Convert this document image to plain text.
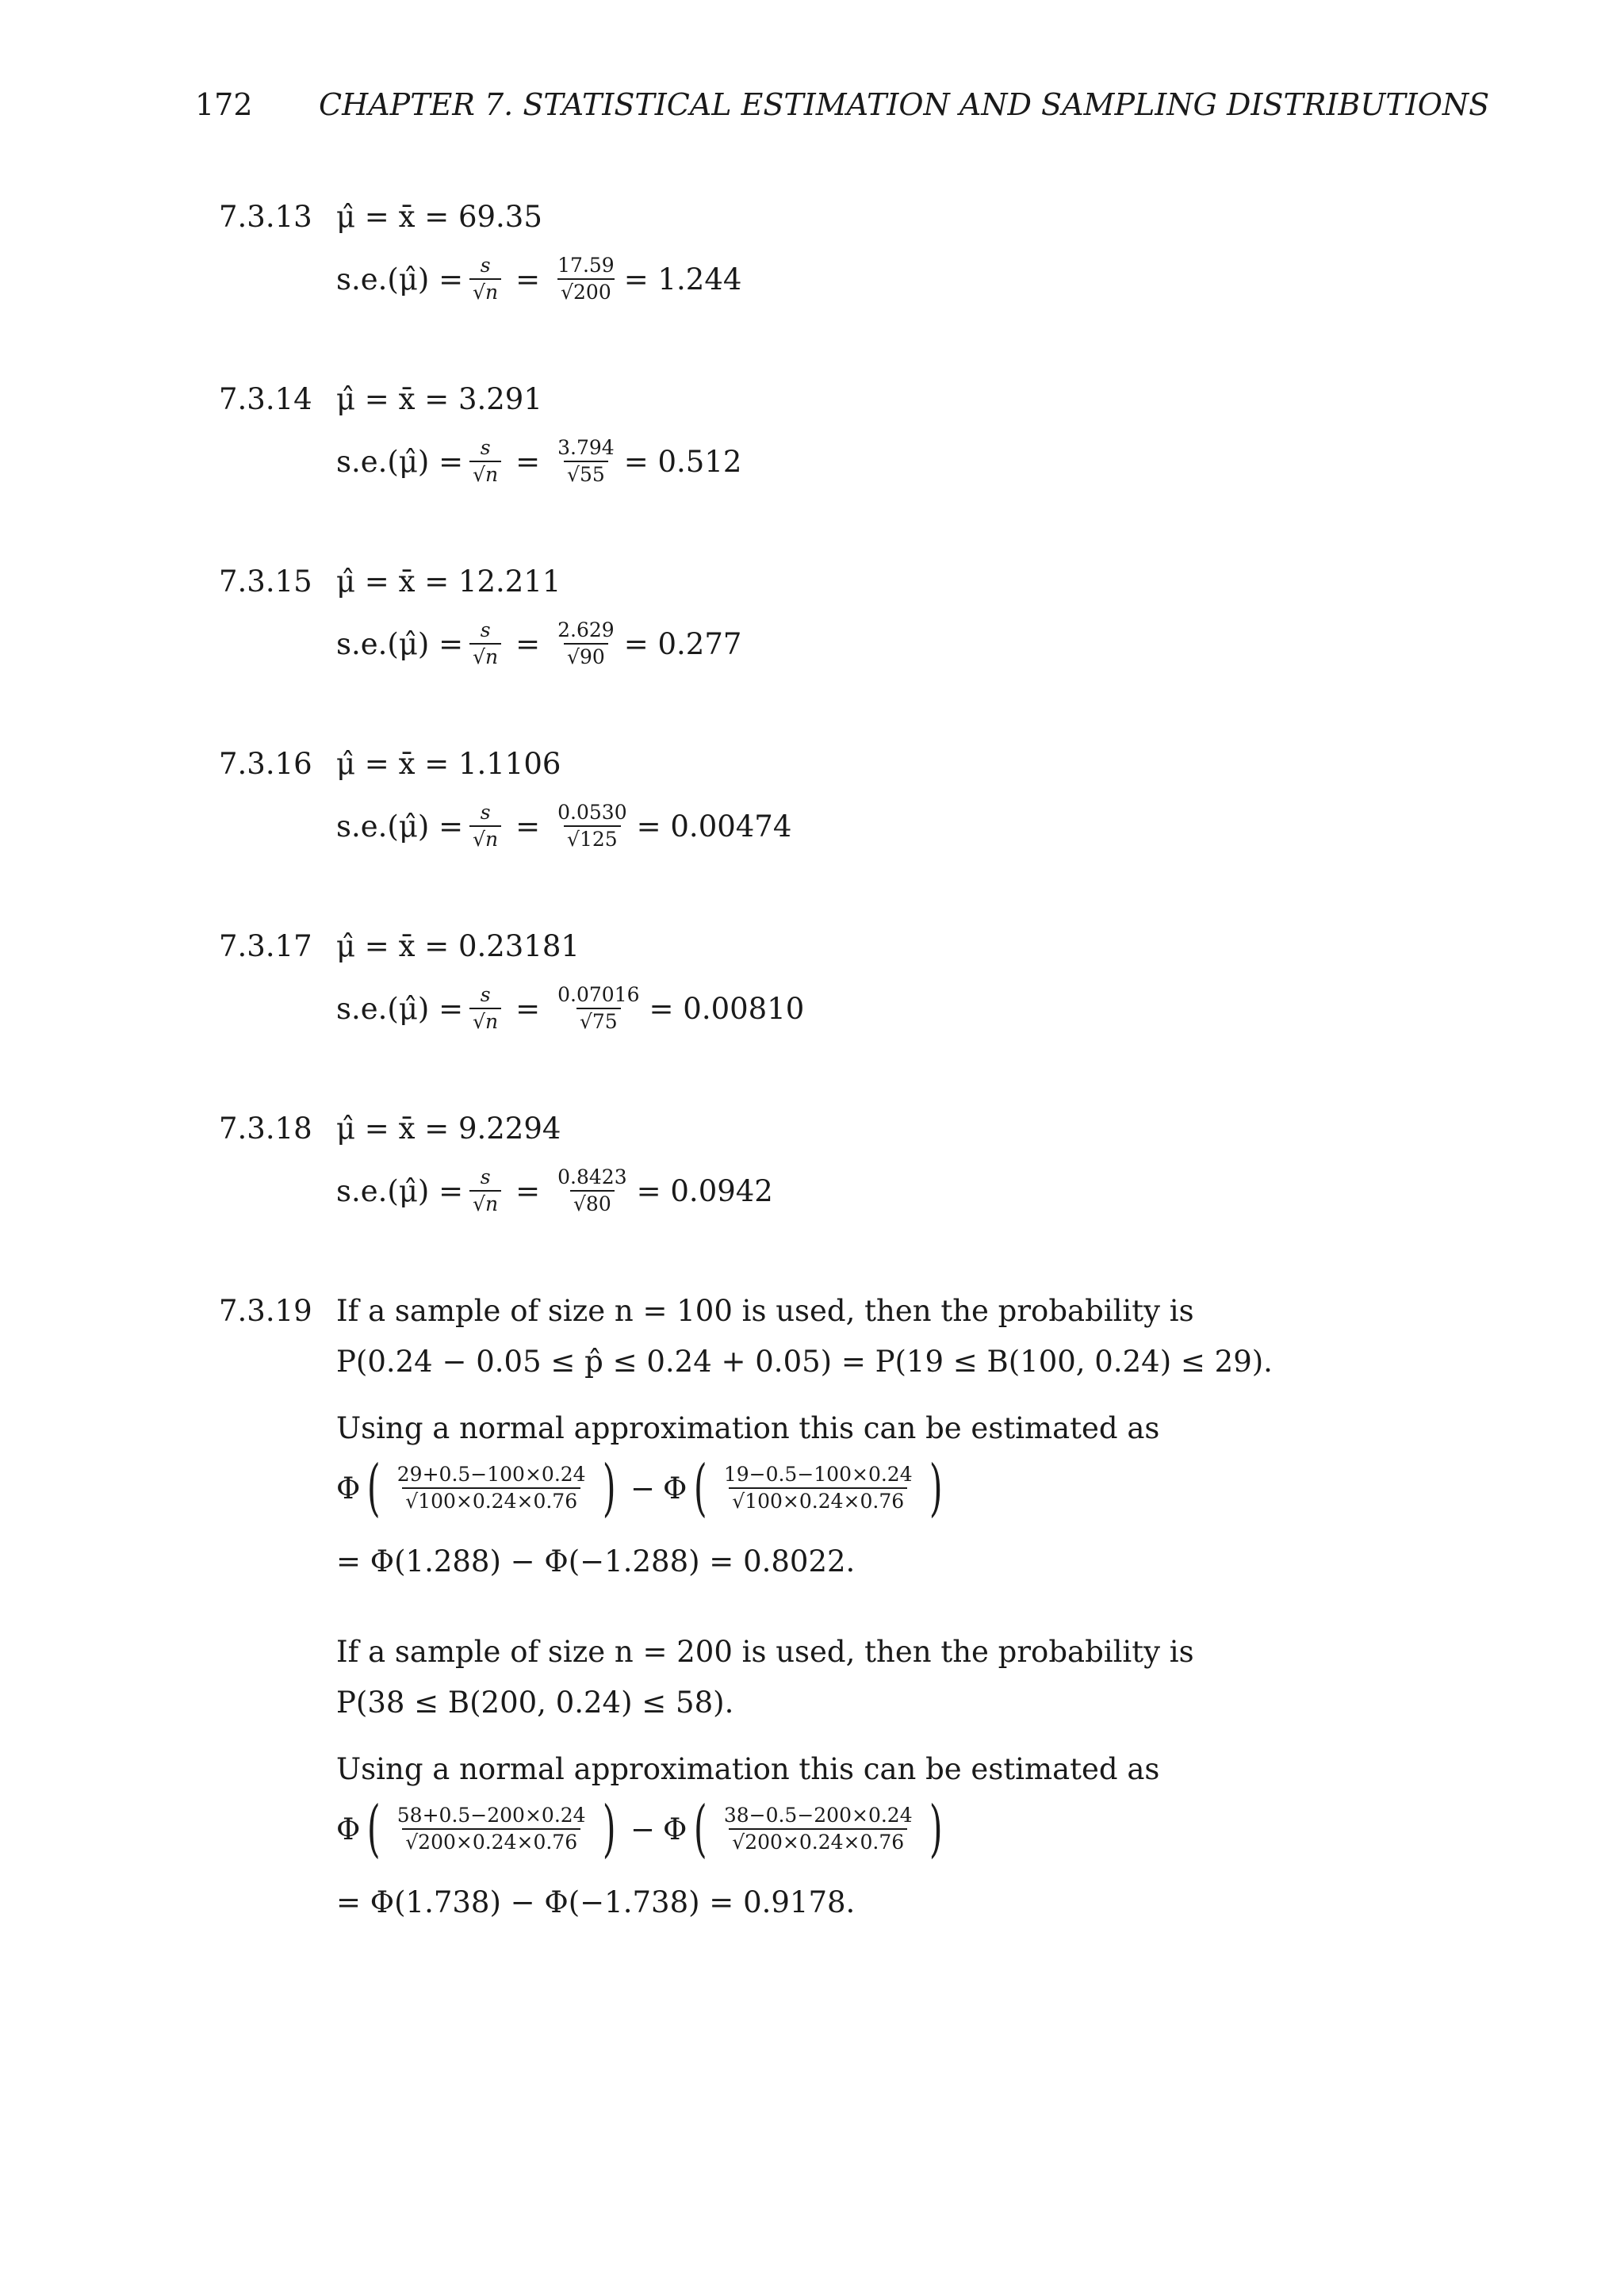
172 CHAPTER 7. STATISTICAL ESTIMATION AND SAMPLING DISTRIBUTIONS
7.3.13 μ̂ = x̄ = 69.35
s.e.(μ̂) = $\frac{s}{√n} = \frac{17.59}{√200} = 1.244$
7.3.14 μ̂ = x̄ = 3.291
s.e.(μ̂) = $\frac{s}{√n} = \frac{3.794}{√55} = 0.512$
7.3.15 μ̂ = x̄ = 12.211
s.e.(μ̂) = $\frac{s}{√n} = \frac{2.629}{√90} = 0.277$
7.3.16 μ̂ = x̄ = 1.1106
s.e.(μ̂) = $\frac{s}{√n} = \frac{0.0530}{√125} = 0.00474$
7.3.17 μ̂ = x̄ = 0.23181
s.e.(μ̂) = $\frac{s}{√n} = \frac{0.07016}{√75} = 0.00810$
7.3.18 μ̂ = x̄ = 9.2294
s.e.(μ̂) = $\frac{s}{√n} = \frac{0.8423}{√80} = 0.0942$
7.3.19 If a sample of size n = 100 is used, then the probability is
P(0.24 − 0.05 ≤ p̂ ≤ 0.24 + 0.05) = P(19 ≤ B(100, 0.24) ≤ 29).
Using a normal approximation this can be estimated as
Φ ( $\frac{29+0.5-100\times 0.24}{√100\times 0.24\times 0.76}$ ) − Φ ( $\frac{19-0.5-100\times 0.24}{√100\times 0.24\times 0.76}$ )
= Φ(1.288) − Φ(−1.288) = 0.8022.
If a sample of size n = 200 is used, then the probability is
P(38 ≤ B(200, 0.24) ≤ 58).
Using a normal approximation this can be estimated as
Φ ( $\frac{58+0.5-200\times 0.24}{√200\times 0.24\times 0.76}$ ) − Φ ( $\frac{38-0.5-200\times 0.24}{√200\times 0.24\times 0.76}$ )
= Φ(1.738) − Φ(−1.738) = 0.9178.
